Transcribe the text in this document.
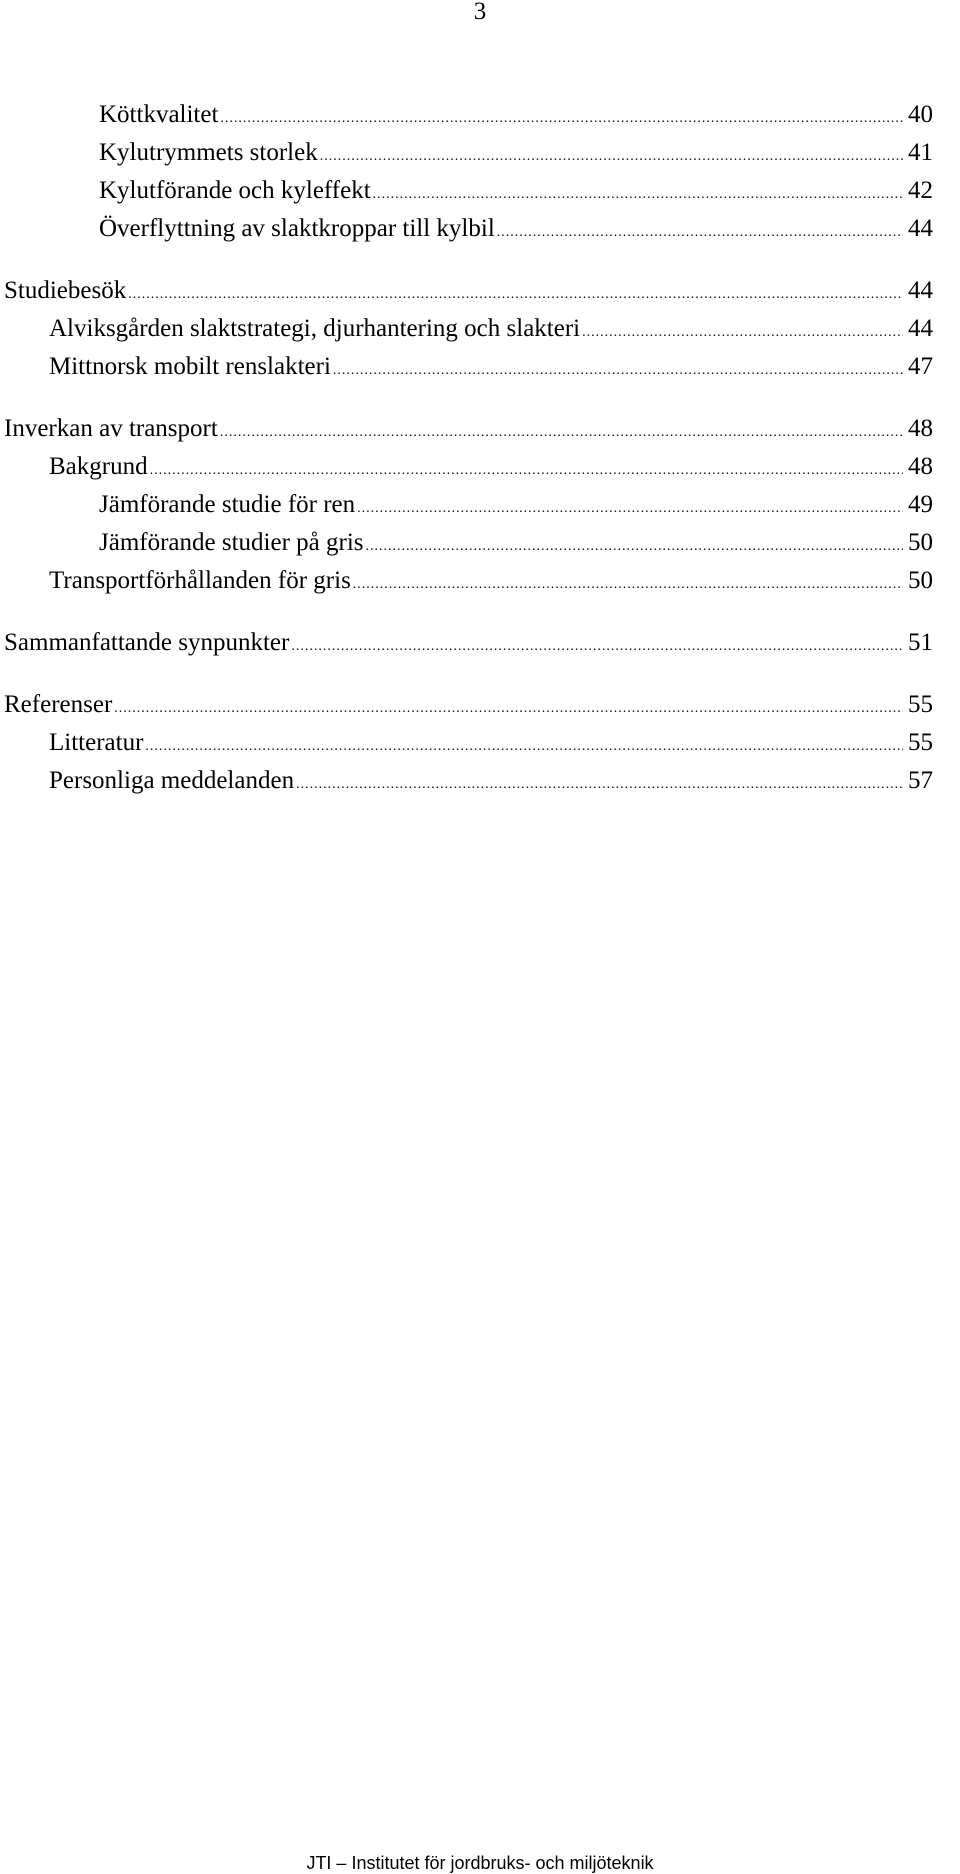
3
Köttkvalitet .....	40
Kylutrymmets storlek .....	41
Kylutförande och kyleffekt .....	42
Överflyttning av slaktkroppar till kylbil .....	44
Studiebesök .....	44
Alviksgården slaktstrategi, djurhantering och slakteri .....	44
Mittnorsk mobilt renslakteri .....	47
Inverkan av transport .....	48
Bakgrund .....	48
Jämförande studie för ren .....	49
Jämförande studier på gris .....	50
Transportförhållanden för gris .....	50
Sammanfattande synpunkter .....	51
Referenser .....	55
Litteratur .....	55
Personliga meddelanden .....	57
JTI – Institutet för jordbruks- och miljöteknik
